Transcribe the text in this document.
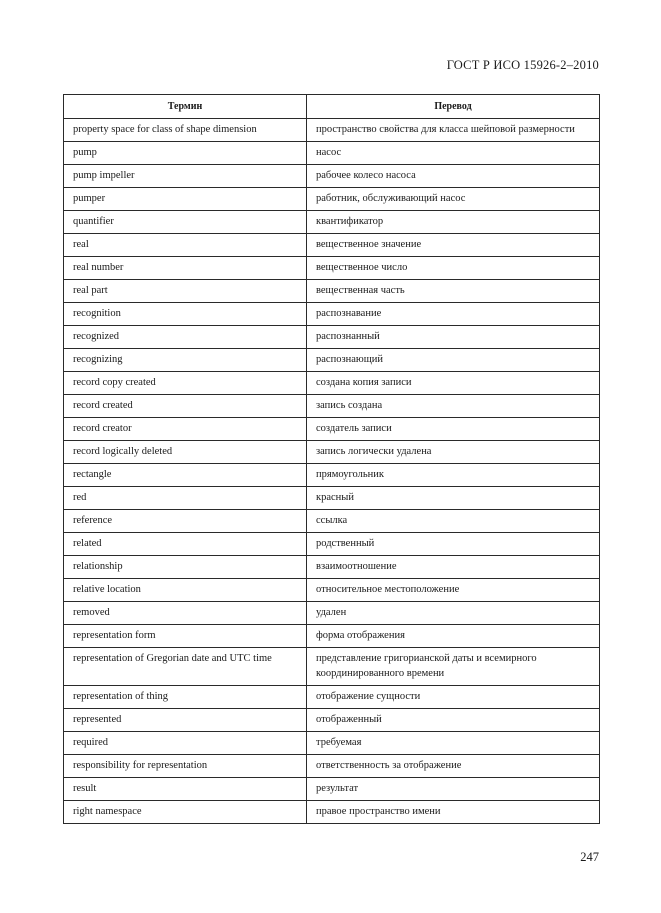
ГОСТ Р ИСО 15926-2–2010
Термин	Перевод
property space for class of shape dimension	пространство свойства для класса шейповой размерности
pump	насос
pump impeller	рабочее колесо насоса
pumper	работник, обслуживающий насос
quantifier	квантификатор
real	вещественное значение
real number	вещественное число
real part	вещественная часть
recognition	распознавание
recognized	распознанный
recognizing	распознающий
record copy created	создана копия записи
record created	запись создана
record creator	создатель записи
record logically deleted	запись логически удалена
rectangle	прямоугольник
red	красный
reference	ссылка
related	родственный
relationship	взаимоотношение
relative location	относительное местоположение
removed	удален
representation form	форма отображения
representation of Gregorian date and UTC time	представление григорианской даты и всемирного координированного времени
representation of thing	отображение сущности
represented	отображенный
required	требуемая
responsibility for representation	ответственность за отображение
result	результат
right namespace	правое пространство имени
247
